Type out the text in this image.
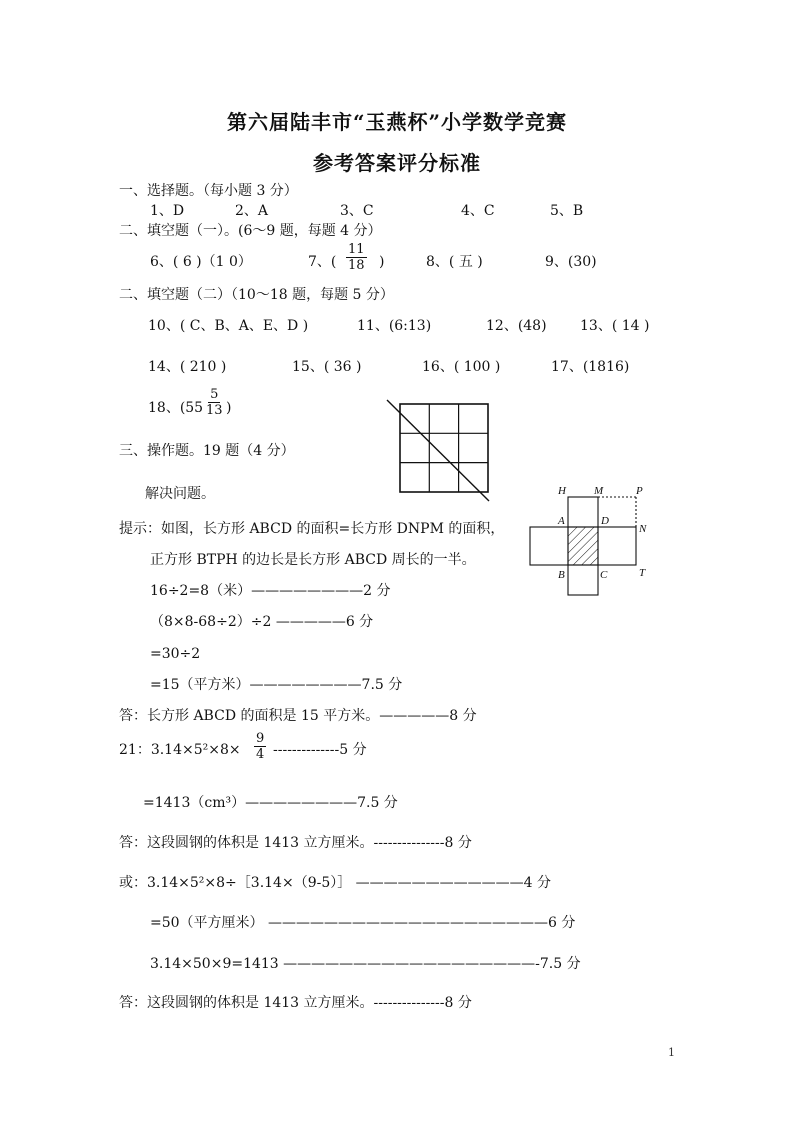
第六届陆丰市“玉燕杯”小学数学竞赛
参考答案评分标准
一、选择题。（每小题 3 分）
1、D	2、A	3、C	4、C	5、B
二、填空题（一）。(6～9 题，每题 4 分）
6、( 6 )（1 0）	7、( $\frac{11}{18}$ )	8、( 五 )	9、(30)
二、填空题（二）（10～18 题，每题 5 分）
10、( C、B、A、E、D )	11、(6:13)	12、(48) 13、( 14 )
14、( 210 )	15、( 36 )	16、( 100 )	17、(1816)
18、($55 \frac{5}{13}$ )
三、操作题。19 题（4 分）
解决问题。	H	M	P
A	D
N
B	C	T
提示：如图，长方形 ABCD 的面积=长方形 DNPM 的面积，
正方形 BTPH 的边长是长方形 ABCD 周长的一半。
16÷2=8（米）————————2 分
（8×8-68÷2）÷2 —————6 分
=30÷2
=15（平方米）————————7.5 分
答：长方形 ABCD 的面积是 15 平方米。—————8 分
21：$3.14\times 5^2\times 8\times \frac{9}{4} --------------5$ 分
=1413（cm³）————————7.5 分
答：这段圆钢的体积是 1413 立方厘米。---------------8 分
或：3.14×5²×8÷［3.14×（9-5）］ ————————————4 分
=50（平方厘米） ————————————————————6 分
3.14×50×9=1413 ——————————————————-7.5 分
答：这段圆钢的体积是 1413 立方厘米。---------------8 分
1
